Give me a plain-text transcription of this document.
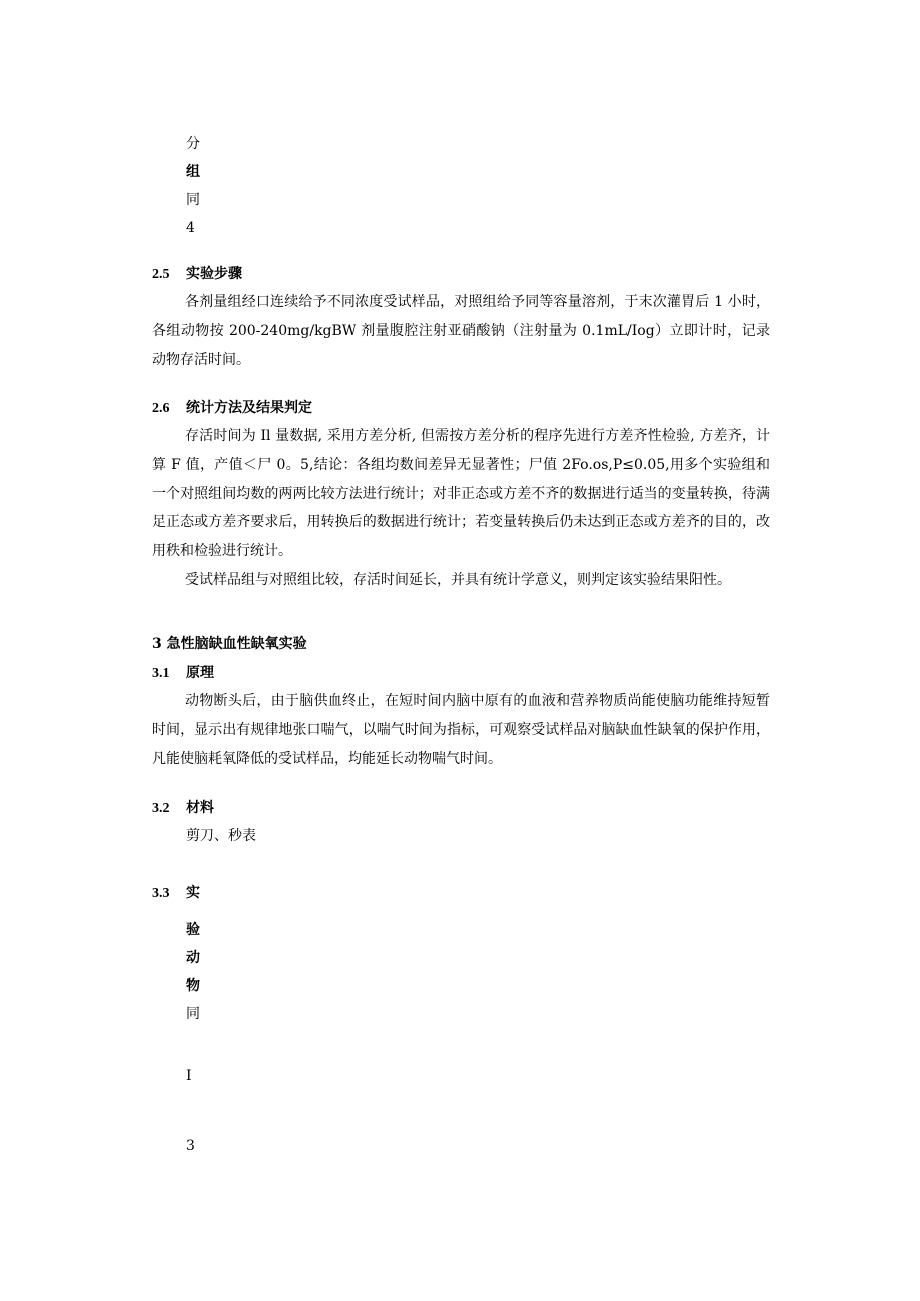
分
组
同
4
2.5 实验步骤
各剂量组经口连续给予不同浓度受试样品，对照组给予同等容量溶剂，于末次灌胃后 1 小时，各组动物按 200-240mg/kgBW 剂量腹腔注射亚硝酸钠（注射量为 0.1mL/Iog）立即计时，记录动物存活时间。
2.6 统计方法及结果判定
存活时间为 Il 量数据, 采用方差分析, 但需按方差分析的程序先进行方差齐性检验, 方差齐，计算 F 值，产值＜尸 0。5,结论：各组均数间差异无显著性；尸值 2Fo.os,P≤0.05,用多个实验组和一个对照组间均数的两两比较方法进行统计；对非正态或方差不齐的数据进行适当的变量转换，待满足正态或方差齐要求后，用转换后的数据进行统计；若变量转换后仍未达到正态或方差齐的目的，改用秩和检验进行统计。
受试样品组与对照组比较，存活时间延长，并具有统计学意义，则判定该实验结果阳性。
3 急性脑缺血性缺氧实验
3.1 原理
动物断头后，由于脑供血终止，在短时间内脑中原有的血液和营养物质尚能使脑功能维持短暂时间，显示出有规律地张口喘气，以喘气时间为指标，可观察受试样品对脑缺血性缺氧的保护作用，凡能使脑耗氧降低的受试样品，均能延长动物喘气时间。
3.2 材料
剪刀、秒表
3.3 实
验
动
物
同
I
3
